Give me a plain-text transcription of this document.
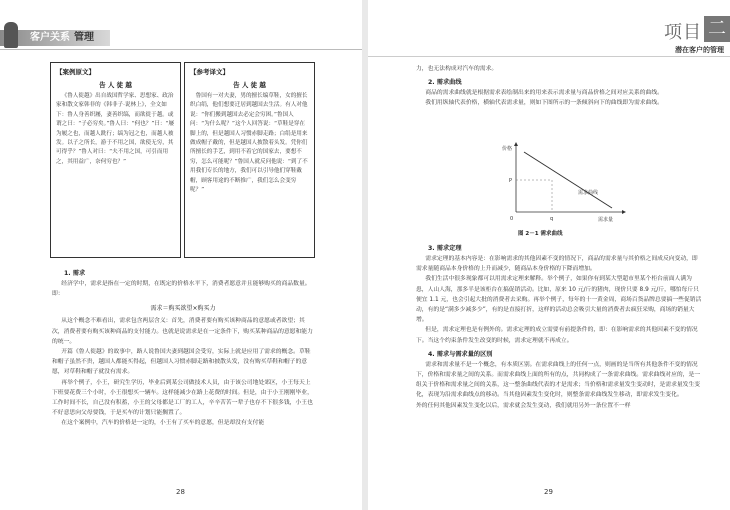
客户关系 管理
【案例原文】
告 人 徒 越
《鲁人徙越》出自战国哲学家、思想家、政治家和散文家韩非的《韩非子·说林上》，全文如下：鲁人身善织屦，妻善织缟，而欲徙于越。或谓之曰：“子必穷矣。”鲁人曰：“何也？”曰：“屦为履之也，而越人跣行；缟为冠之也，而越人被发。以子之所长，游于不用之国，欲使无穷，其可得乎？”鲁人对曰：“夫不用之国，可引而用之，其用益广，奈何穷也？”
【参考译文】
告 人 徒 越
鲁国有一对夫妻，男的擅长编草鞋，女的擅长织白绢，他们想要迁居到越国去生活。有人对他说：“你们搬到越国去必定会穷困。”鲁国人问：“为什么呢？”这个人回答说：“草鞋是穿在脚上的，但是越国人习惯赤脚走路；白绢是用来做成帽子戴的，但是越国人披散着头发。凭你们所擅长的手艺，到用不着它的国家去，要想不穷，怎么可能呢？”鲁国人就反问他说：“到了不用我们专长的地方，我们可以引导他们穿鞋戴帽，顾客用途的不断推广，我们怎么会变穷呢？”
1. 需求

经济学中，需求是指在一定的时期，在既定的价格水平下，消费者愿意并且能够购买的商品数量。即：

需求＝购买欲望×购买力

从这个概念不难看出，需求包含两层含义：首先，消费者要有购买该种商品的意愿或者欲望；其次，消费者要有购买该种商品的支付能力。也就是说需求是在一定条件下，购买某种商品的意愿和能力的统一。

开篇《鲁人徙越》的故事中，路人说鲁国夫妻到越国会受穷，实际上就是应用了需求的概念。草鞋和帽子虽然不贵，越国人都能买得起，但越国人习惯赤脚走路和披散头发，没有购买草鞋和帽子的意愿，对草鞋和帽子就没有需求。

再举个例子，小王，研究生学历，毕业后到某公司做技术人员，由于该公司地处郊区，小王每天上下班要花费三个小时，小王很想买一辆车。这样能减少在路上花费的时间。但是，由于小王刚刚毕业，工作时间不长，自己没有积蓄，小王的父母都是工厂的工人，辛辛苦苦一辈子也存不下很多钱，小王也不好意思向父母要钱，于是买车的计划只能搁置了。

在这个案例中，汽车的价格是一定的，小王有了买车的意愿，但是却没有支付能

28
项目 二
潜在客户的管理

力，也无法构成对汽车的需求。

2. 需求曲线

商品的需求曲线就是根据需求表绘制出来的用来表示需求量与商品价格之间对应关系的曲线。

我们用纵轴代表价格，横轴代表需求量，则如下图所示的一条倾斜向下的曲线即为需求曲线。

价格
需求量
需求曲线
P
q
0
图 2－1 需求曲线
3. 需求定理

需求定理的基本内容是：在影响需求的其他因素不变的情况下，商品的需求量与其价格之间成反向变动，即需求量随商品本身价格的上升而减少，随商品本身价格的下降而增加。

我们生活中很多现象都可以用需求定理来解释。举个例子，如果你有到某大型超市里某个柜台前面人满为患，人山人海，那多半是该柜台在搞促销活动。比如，原来 10 元/斤的猪肉，现价只要 8.9 元/斤，哪怕每斤只便宜 1.1 元，也会引起大批的消费者去采购。再举个例子，每年的十一黄金周，商场百货品牌总要搞一些促销活动，有的是“满多少减多少”，有的是直接打折，这样的活动总会吸引大量的消费者去疯狂采购，商场的销量大增。

但是，需求定理也是有例外的。需求定理的成立需要有前提条件的，即：在影响需求的其他因素不变的情况下。当这个约束条件发生改变的时候，需求定理就不再成立。

4. 需求与需求量的区别

需求和需求量不是一个概念，有本质区别。在需求曲线上的任何一点，则画的是当所有其他条件不变的情况下，价格和需求量之间的关系。而需求曲线上面的所有的点，共同构成了一条需求曲线。需求曲线对应的，是一组关于价格和需求量之间的关系，这一整条曲线代表的才是需求；当价格和需求量发生变动时，是需求量发生变化，表现为沿需求曲线点的移动。当其他因素发生变化时，则整条需求曲线发生移动，即需求发生变化。

外的任何其他因素发生变化以后，需求就会发生变动，我们就用另外一条位置不一样

29
